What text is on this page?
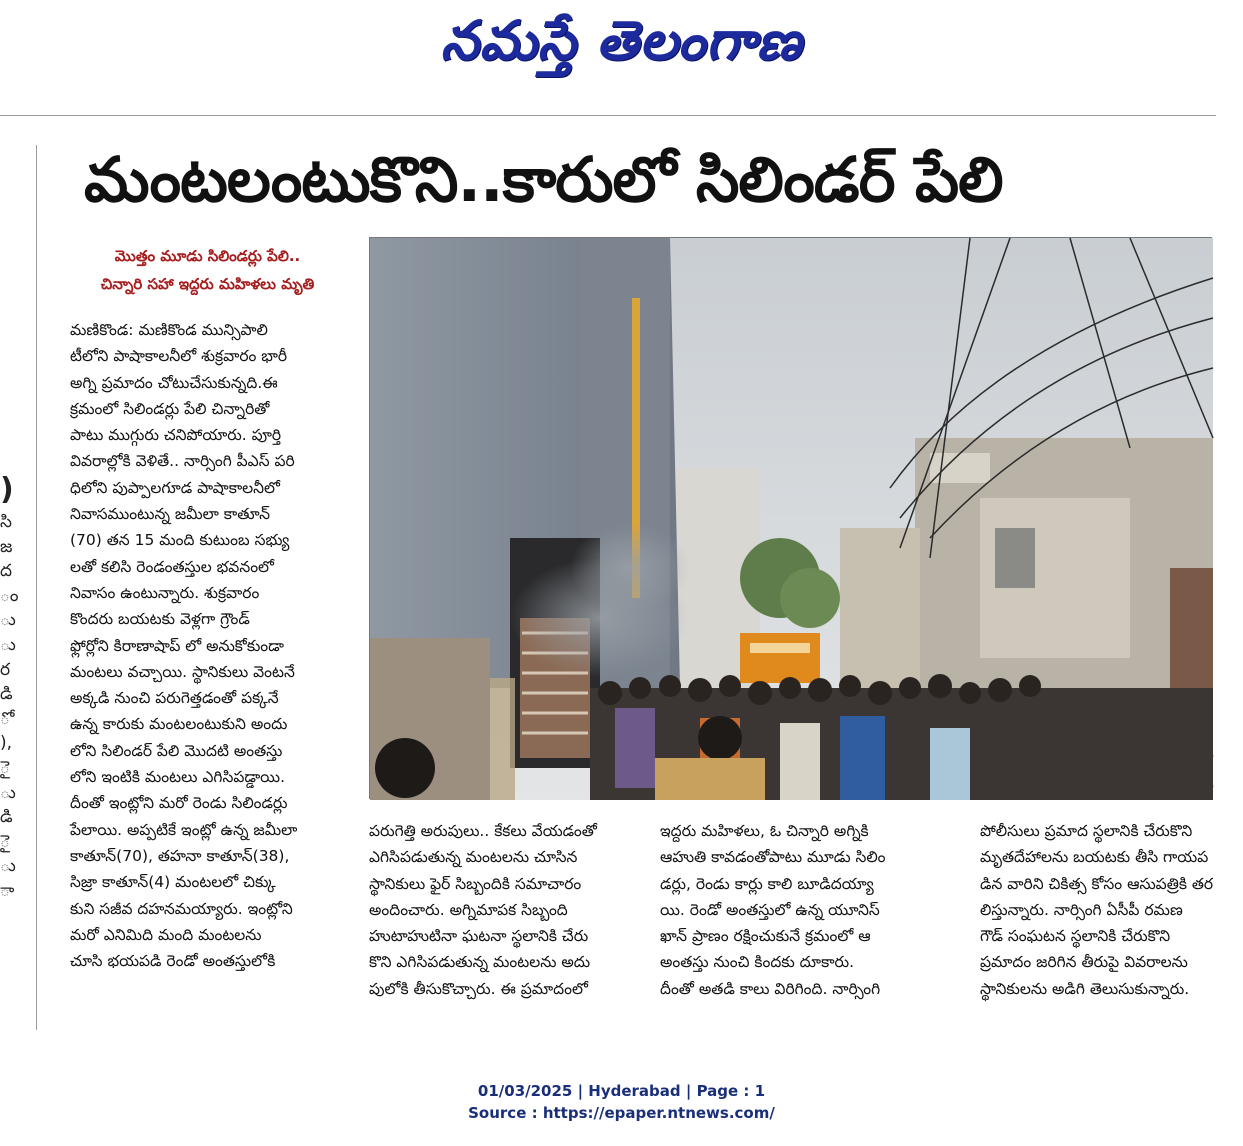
నమస్తే తెలంగాణ
)
సి
జ
ద
ం
ు
ు
ర
డి
ో
),
ై
ు
డి
ై
ు
ా
మంటలంటుకొని..కారులో సిలిండర్ పేలి
మొత్తం మూడు సిలిండర్లు పేలి..
చిన్నారి సహా ఇద్దరు మహిళలు మృతి
మణికొండ: మణికొండ మున్సిపాలి
టీలోని పాషాకాలనీలో శుక్రవారం భారీ
అగ్ని ప్రమాదం చోటుచేసుకున్నది.ఈ
క్రమంలో సిలిండర్లు పేలి చిన్నారితో
పాటు ముగ్గురు చనిపోయారు. పూర్తి
వివరాల్లోకి వెళితే.. నార్సింగి పీఎస్ పరి
ధిలోని పుప్పాలగూడ పాషాకాలనీలో
నివాసముంటున్న జమీలా కాతూన్
(70) తన 15 మంది కుటుంబ సభ్యు
లతో కలిసి రెండంతస్తుల భవనంలో
నివాసం ఉంటున్నారు. శుక్రవారం
కొందరు బయటకు వెళ్లగా గ్రౌండ్
ఫ్లోర్లోని కిరాణాషాప్ లో అనుకోకుండా
మంటలు వచ్చాయి. స్థానికులు వెంటనే
అక్కడి నుంచి పరుగెత్తడంతో పక్కనే
ఉన్న కారుకు మంటలంటుకుని అందు
లోని సిలిండర్ పేలి మొదటి అంతస్తు
లోని ఇంటికి మంటలు ఎగిసిపడ్డాయి.
దీంతో ఇంట్లోని మరో రెండు సిలిండర్లు
పేలాయి. అప్పటికే ఇంట్లో ఉన్న జమీలా
కాతూన్(70), తహనా కాతూన్(38),
సిజ్రా కాతూన్(4) మంటలలో చిక్కు
కుని సజీవ దహనమయ్యారు. ఇంట్లోని
మరో ఎనిమిది మంది మంటలను
చూసి భయపడి రెండో అంతస్తులోకి
పరుగెత్తి అరుపులు.. కేకలు వేయడంతో
ఎగిసిపడుతున్న మంటలను చూసిన
స్థానికులు ఫైర్ సిబ్బందికి సమాచారం
అందించారు. అగ్నిమాపక సిబ్బంది
హుటాహుటినా ఘటనా స్థలానికి చేరు
కొని ఎగిసిపడుతున్న మంటలను అదు
పులోకి తీసుకొచ్చారు. ఈ ప్రమాదంలో
ఇద్దరు మహిళలు, ఓ చిన్నారి అగ్నికి
ఆహుతి కావడంతోపాటు మూడు సిలిం
డర్లు, రెండు కార్లు కాలి బూడిదయ్యా
యి. రెండో అంతస్తులో ఉన్న యూనిస్
ఖాన్ ప్రాణం రక్షించుకునే క్రమంలో ఆ
అంతస్తు నుంచి కిందకు దూకారు.
దీంతో అతడి కాలు విరిగింది. నార్సింగి
పోలీసులు ప్రమాద స్థలానికి చేరుకొని
మృతదేహాలను బయటకు తీసి గాయప
డిన వారిని చికిత్స కోసం ఆసుపత్రికి తర
లిస్తున్నారు. నార్సింగి ఏసీపీ రమణ
గౌడ్ సంఘటన స్థలానికి చేరుకొని
ప్రమాదం జరిగిన తీరుపై వివరాలను
స్థానికులను అడిగి తెలుసుకున్నారు.
01/03/2025 | Hyderabad | Page : 1
Source : https://epaper.ntnews.com/
